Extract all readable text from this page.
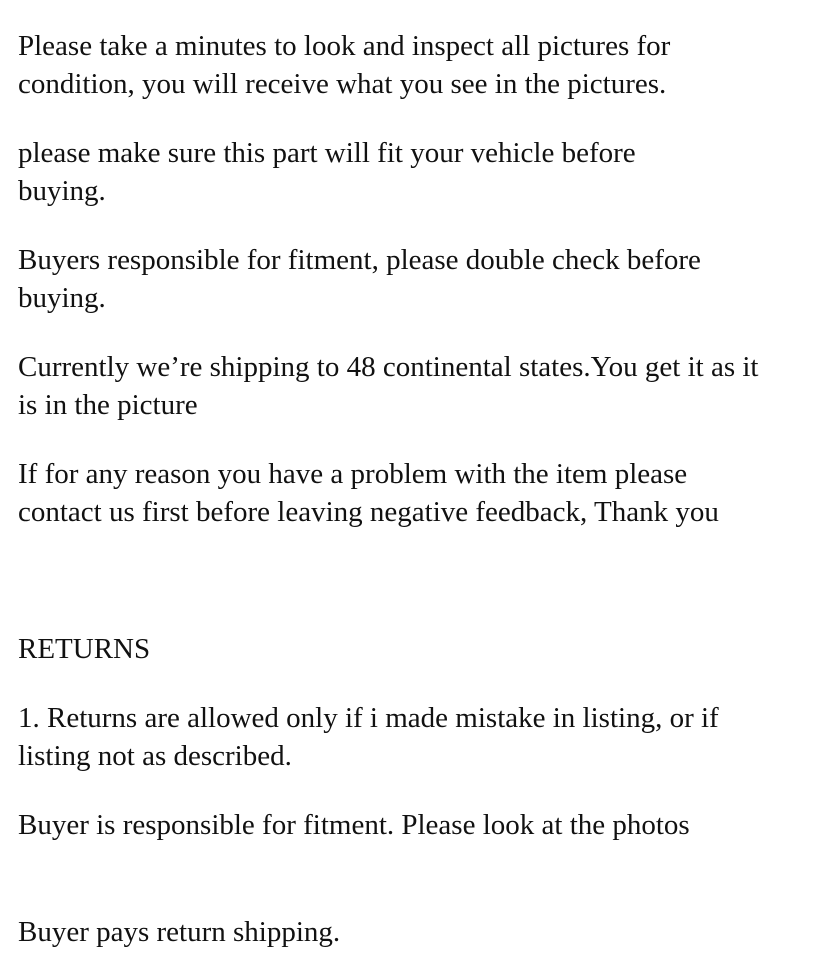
Please take a minutes to look and inspect all pictures for
condition, you will receive what you see in the pictures.

please make sure this part will fit your vehicle before
buying.

Buyers responsible for fitment, please double check before
buying.

Currently we’re shipping to 48 continental states.You get it as it
is in the picture

If for any reason you have a problem with the item please
contact us first before leaving negative feedback, Thank you

RETURNS

1. Returns are allowed only if i made mistake in listing, or if
listing not as described.

Buyer is responsible for fitment. Please look at the photos

Buyer pays return shipping.
